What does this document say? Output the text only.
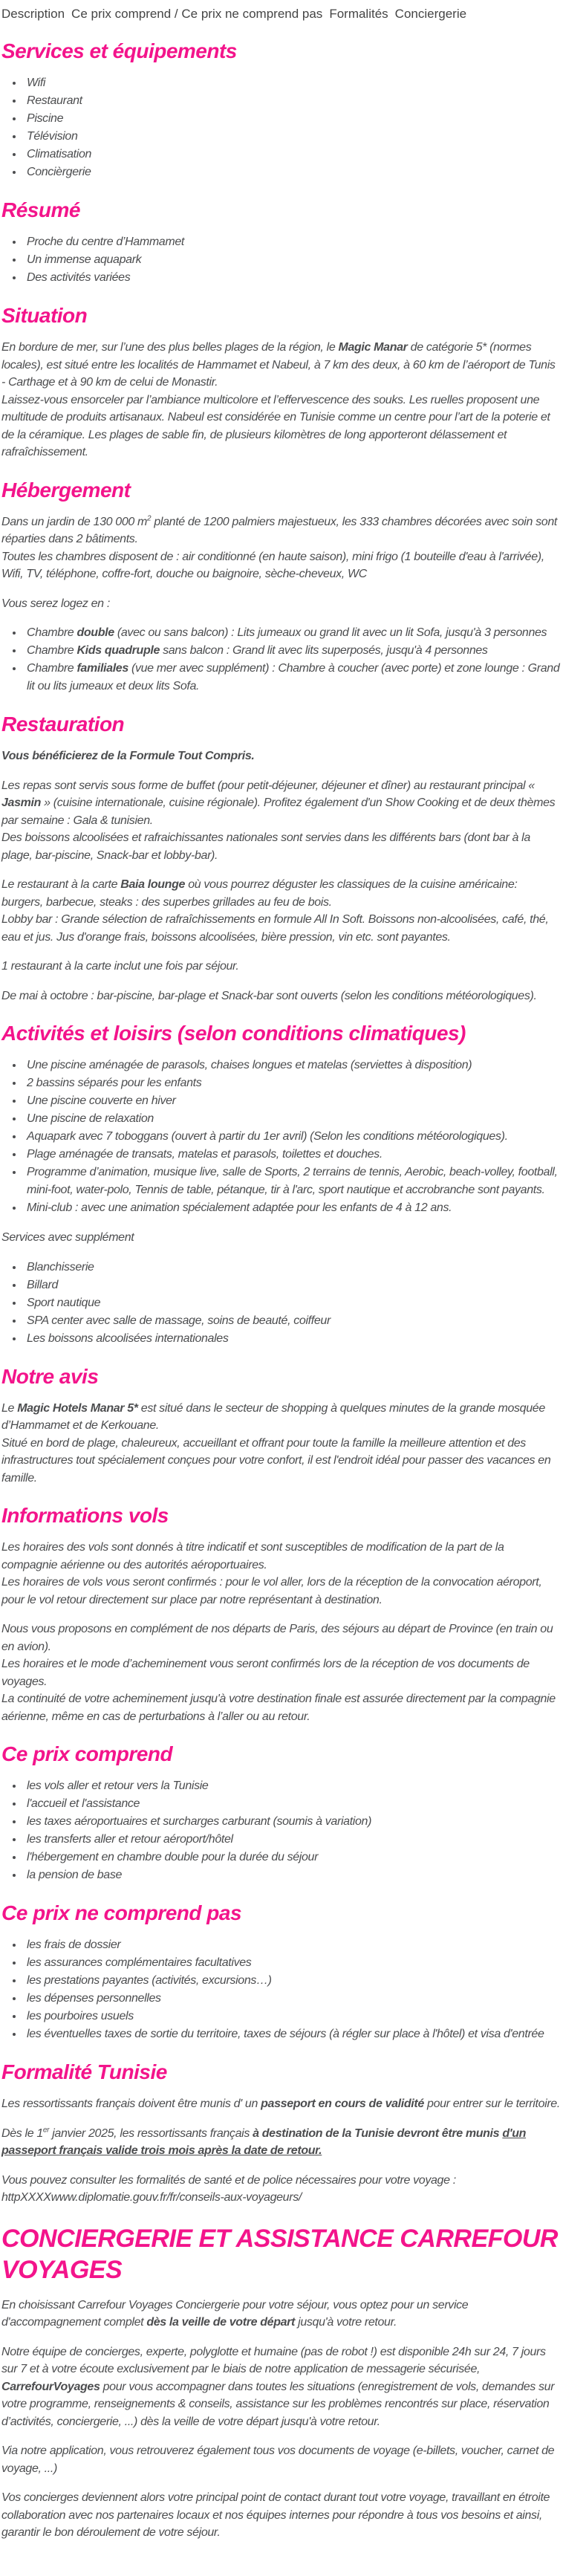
Description Ce prix comprend / Ce prix ne comprend pas Formalités Conciergerie
Services et équipements
• Wifi
• Restaurant
• Piscine
• Télévision
• Climatisation
• Concièrgerie
Résumé
• Proche du centre d’Hammamet
• Un immense aquapark
• Des activités variées
Situation

En bordure de mer, sur l’une des plus belles plages de la région, le Magic Manar de catégorie 5* (normes locales), est situé entre les localités de Hammamet et Nabeul, à 7 km des deux, à 60 km de l’aéroport de Tunis - Carthage et à 90 km de celui de Monastir.
Laissez-vous ensorceler par l’ambiance multicolore et l’effervescence des souks. Les ruelles proposent une multitude de produits artisanaux. Nabeul est considérée en Tunisie comme un centre pour l’art de la poterie et de la céramique. Les plages de sable fin, de plusieurs kilomètres de long apporteront délassement et rafraîchissement.

Hébergement

Dans un jardin de 130 000 $m^2$ planté de 1200 palmiers majestueux, les 333 chambres décorées avec soin sont réparties dans 2 bâtiments.
Toutes les chambres disposent de : air conditionné (en haute saison), mini frigo (1 bouteille d'eau à l'arrivée), Wifi, TV, téléphone, coffre-fort, douche ou baignoire, sèche-cheveux, WC

Vous serez logez en :

• Chambre double (avec ou sans balcon) : Lits jumeaux ou grand lit avec un lit Sofa, jusqu'à 3 personnes
• Chambre Kids quadruple sans balcon : Grand lit avec lits superposés, jusqu'à 4 personnes
• Chambre familiales (vue mer avec supplément) : Chambre à coucher (avec porte) et zone lounge : Grand lit ou lits jumeaux et deux lits Sofa.
Restauration

Vous bénéficierez de la Formule Tout Compris.

Les repas sont servis sous forme de buffet (pour petit-déjeuner, déjeuner et dîner) au restaurant principal « Jasmin » (cuisine internationale, cuisine régionale). Profitez également d'un Show Cooking et de deux thèmes par semaine : Gala & tunisien.
Des boissons alcoolisées et rafraichissantes nationales sont servies dans les différents bars (dont bar à la plage, bar-piscine, Snack-bar et lobby-bar).

Le restaurant à la carte Baia lounge où vous pourrez déguster les classiques de la cuisine américaine: burgers, barbecue, steaks : des superbes grillades au feu de bois.
Lobby bar : Grande sélection de rafraîchissements en formule All In Soft. Boissons non-alcoolisées, café, thé, eau et jus. Jus d'orange frais, boissons alcoolisées, bière pression, vin etc. sont payantes.

1 restaurant à la carte inclut une fois par séjour.

De mai à octobre : bar-piscine, bar-plage et Snack-bar sont ouverts (selon les conditions météorologiques).

Activités et loisirs (selon conditions climatiques)
• Une piscine aménagée de parasols, chaises longues et matelas (serviettes à disposition)
• 2 bassins séparés pour les enfants
• Une piscine couverte en hiver
• Une piscine de relaxation
• Aquapark avec 7 toboggans (ouvert à partir du 1er avril) (Selon les conditions météorologiques).
• Plage aménagée de transats, matelas et parasols, toilettes et douches.
• Programme d’animation, musique live, salle de Sports, 2 terrains de tennis, Aerobic, beach-volley, football, mini-foot, water-polo, Tennis de table, pétanque, tir à l'arc, sport nautique et accrobranche sont payants.
• Mini-club : avec une animation spécialement adaptée pour les enfants de 4 à 12 ans.

Services avec supplément

• Blanchisserie
• Billard
• Sport nautique
• SPA center avec salle de massage, soins de beauté, coiffeur
• Les boissons alcoolisées internationales
Notre avis

Le Magic Hotels Manar 5* est situé dans le secteur de shopping à quelques minutes de la grande mosquée d’Hammamet et de Kerkouane.
Situé en bord de plage, chaleureux, accueillant et offrant pour toute la famille la meilleure attention et des infrastructures tout spécialement conçues pour votre confort, il est l'endroit idéal pour passer des vacances en famille.

Informations vols

Les horaires des vols sont donnés à titre indicatif et sont susceptibles de modification de la part de la compagnie aérienne ou des autorités aéroportuaires.
Les horaires de vols vous seront confirmés : pour le vol aller, lors de la réception de la convocation aéroport, pour le vol retour directement sur place par notre représentant à destination.

Nous vous proposons en complément de nos départs de Paris, des séjours au départ de Province (en train ou en avion).
Les horaires et le mode d’acheminement vous seront confirmés lors de la réception de vos documents de voyages.
La continuité de votre acheminement jusqu'à votre destination finale est assurée directement par la compagnie aérienne, même en cas de perturbations à l’aller ou au retour.

Ce prix comprend
• les vols aller et retour vers la Tunisie
• l'accueil et l'assistance
• les taxes aéroportuaires et surcharges carburant (soumis à variation)
• les transferts aller et retour aéroport/hôtel
• l'hébergement en chambre double pour la durée du séjour
• la pension de base
Ce prix ne comprend pas
• les frais de dossier
• les assurances complémentaires facultatives
• les prestations payantes (activités, excursions…)
• les dépenses personnelles
• les pourboires usuels
• les éventuelles taxes de sortie du territoire, taxes de séjours (à régler sur place à l'hôtel) et visa d'entrée
Formalité Tunisie

Les ressortissants français doivent être munis d' un passeport en cours de validité pour entrer sur le territoire.

Dès le 1er janvier 2025, les ressortissants français à destination de la Tunisie devront être munis d'un passeport français valide trois mois après la date de retour.

Vous pouvez consulter les formalités de santé et de police nécessaires pour votre voyage :
httpXXXXwww.diplomatie.gouv.fr/fr/conseils-aux-voyageurs/

CONCIERGERIE ET ASSISTANCE CARREFOUR VOYAGES

En choisissant Carrefour Voyages Conciergerie pour votre séjour, vous optez pour un service d'accompagnement complet dès la veille de votre départ jusqu'à votre retour.

Notre équipe de concierges, experte, polyglotte et humaine (pas de robot !) est disponible 24h sur 24, 7 jours sur 7 et à votre écoute exclusivement par le biais de notre application de messagerie sécurisée, CarrefourVoyages pour vous accompagner dans toutes les situations (enregistrement de vols, demandes sur votre programme, renseignements & conseils, assistance sur les problèmes rencontrés sur place, réservation d’activités, conciergerie, ...) dès la veille de votre départ jusqu'à votre retour.

Via notre application, vous retrouverez également tous vos documents de voyage (e-billets, voucher, carnet de voyage, ...)

Vos concierges deviennent alors votre principal point de contact durant tout votre voyage, travaillant en étroite collaboration avec nos partenaires locaux et nos équipes internes pour répondre à tous vos besoins et ainsi, garantir le bon déroulement de votre séjour.
